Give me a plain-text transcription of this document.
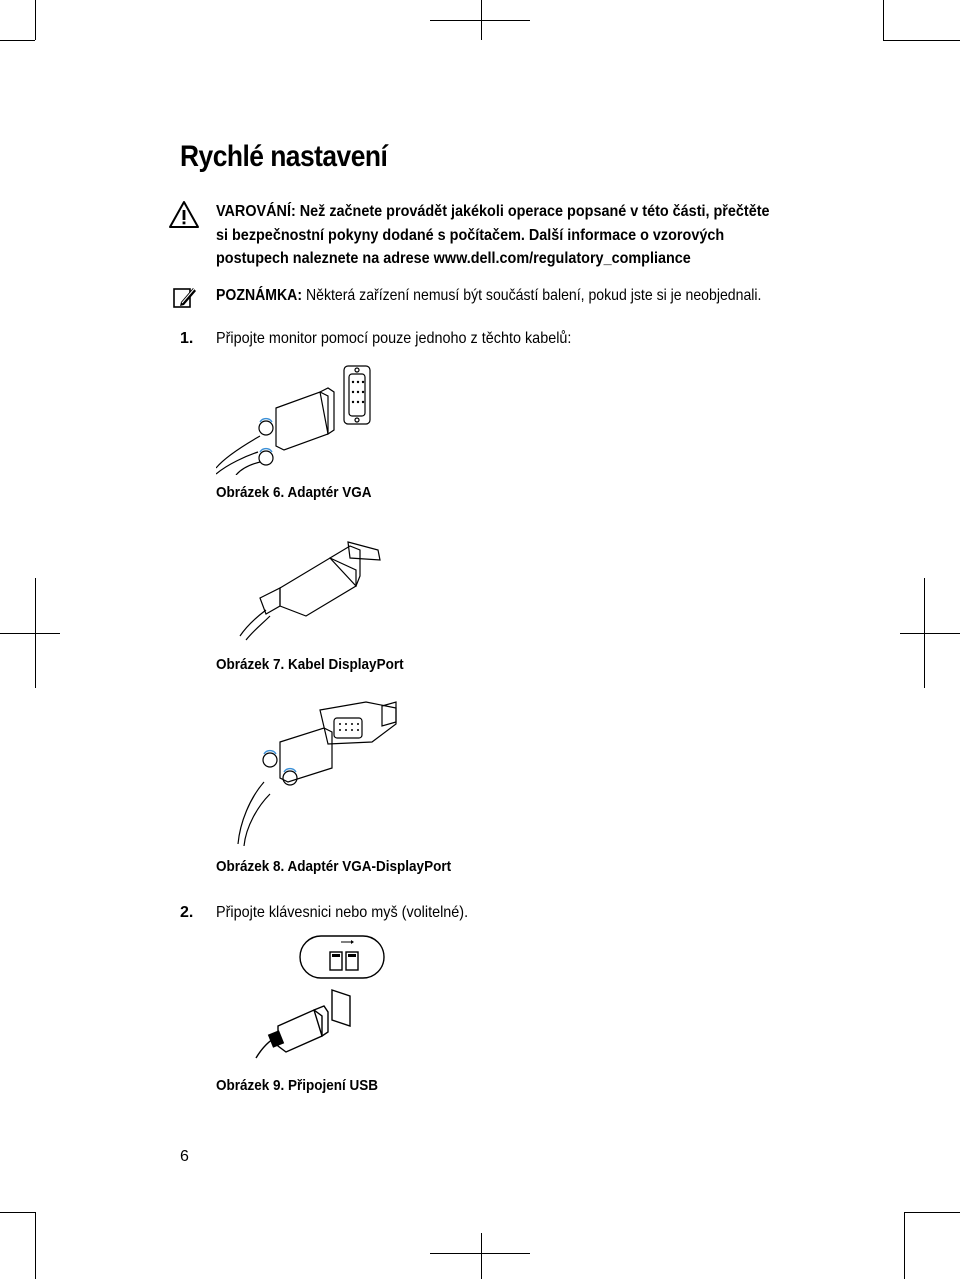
Rychlé nastavení
VAROVÁNÍ: Než začnete provádět jakékoli operace popsané v této části, přečtěte si bezpečnostní pokyny dodané s počítačem. Další informace o vzorových postupech naleznete na adrese www.dell.com/regulatory_compliance
POZNÁMKA: Některá zařízení nemusí být součástí balení, pokud jste si je neobjednali.
1. Připojte monitor pomocí pouze jednoho z těchto kabelů:
Obrázek 6. Adaptér VGA
Obrázek 7. Kabel DisplayPort
Obrázek 8. Adaptér VGA-DisplayPort
2. Připojte klávesnici nebo myš (volitelné).
Obrázek 9. Připojení USB
6
